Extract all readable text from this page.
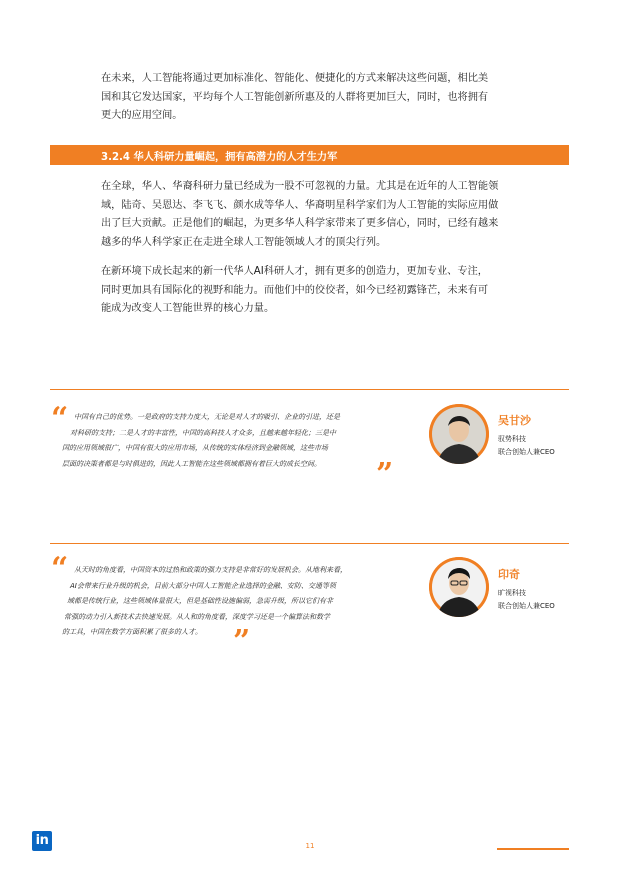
在未来，人工智能将通过更加标准化、智能化、便捷化的方式来解决这些问题，相比美
国和其它发达国家，平均每个人工智能创新所惠及的人群将更加巨大，同时，也将拥有
更大的应用空间。
3.2.4 华人科研力量崛起，拥有高潜力的人才生力军
在全球，华人、华裔科研力量已经成为一股不可忽视的力量。尤其是在近年的人工智能领
域，陆奇、吴恩达、李飞飞、颜水成等华人、华裔明星科学家们为人工智能的实际应用做
出了巨大贡献。正是他们的崛起，为更多华人科学家带来了更多信心，同时，已经有越来
越多的华人科学家正在走进全球人工智能领域人才的顶尖行列。
在新环境下成长起来的新一代华人AI科研人才，拥有更多的创造力，更加专业、专注，
同时更加具有国际化的视野和能力。而他们中的佼佼者，如今已经初露锋芒，未来有可
能成为改变人工智能世界的核心力量。
“ 中国有自己的优势。一是政府的支持力度大，无论是对人才的吸引、企业的引进，还是
对科研的支持；二是人才的丰富性，中国的高科技人才众多，且越来越年轻化；三是中
国的应用领域很广，中国有很大的应用市场，从传统的实体经济到金融领域，这些市场
层面的决策者都是与时俱进的，因此人工智能在这些领域都拥有着巨大的成长空间。	”
吴甘沙
驭势科技
联合创始人兼CEO
“ 从天时的角度看，中国资本的过热和政策的强力支持是非常好的发展机会。从地利来看，
AI会带来行业升级的机会，目前大部分中国人工智能企业选择的金融、安防、交通等领
域都是传统行业，这些领域体量很大，但是基础性设施偏弱，急需升级，所以它们有非
常强的动力引入新技术去快速发展。从人和的角度看，深度学习还是一个偏算法和数学
的工具，中国在数学方面积累了很多的人才。	”
印奇
旷视科技
联合创始人兼CEO
in	11
